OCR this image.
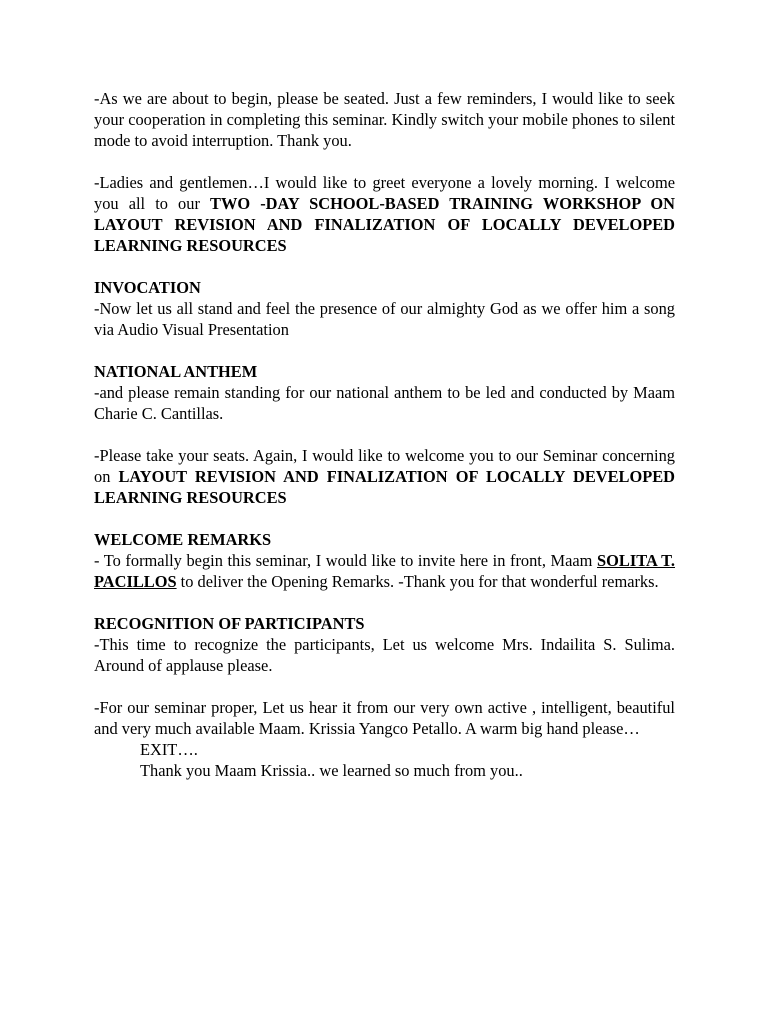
-As we are about to begin, please be seated. Just a few reminders, I would like to seek your cooperation in completing this seminar. Kindly switch your mobile phones to silent mode to avoid interruption. Thank you.

-Ladies and gentlemen…I would like to greet everyone a lovely morning. I welcome you all to our TWO -DAY SCHOOL-BASED TRAINING WORKSHOP ON LAYOUT REVISION AND FINALIZATION OF LOCALLY DEVELOPED LEARNING RESOURCES

INVOCATION
-Now let us all stand and feel the presence of our almighty God as we offer him a song via Audio Visual Presentation
NATIONAL ANTHEM
-and please remain standing for our national anthem to be led and conducted by Maam Charie C. Cantillas.

-Please take your seats. Again, I would like to welcome you to our Seminar concerning on LAYOUT REVISION AND FINALIZATION OF LOCALLY DEVELOPED LEARNING RESOURCES

WELCOME REMARKS
- To formally begin this seminar, I would like to invite here in front, Maam SOLITA T. PACILLOS to deliver the Opening Remarks. -Thank you for that wonderful remarks.
RECOGNITION OF PARTICIPANTS
-This time to recognize the participants, Let us welcome Mrs. Indailita S. Sulima. Around of applause please.

-For our seminar proper, Let us hear it from our very own active , intelligent, beautiful and very much available Maam. Krissia Yangco Petallo. A warm big hand please…

EXIT….

Thank you Maam Krissia.. we learned so much from you..
